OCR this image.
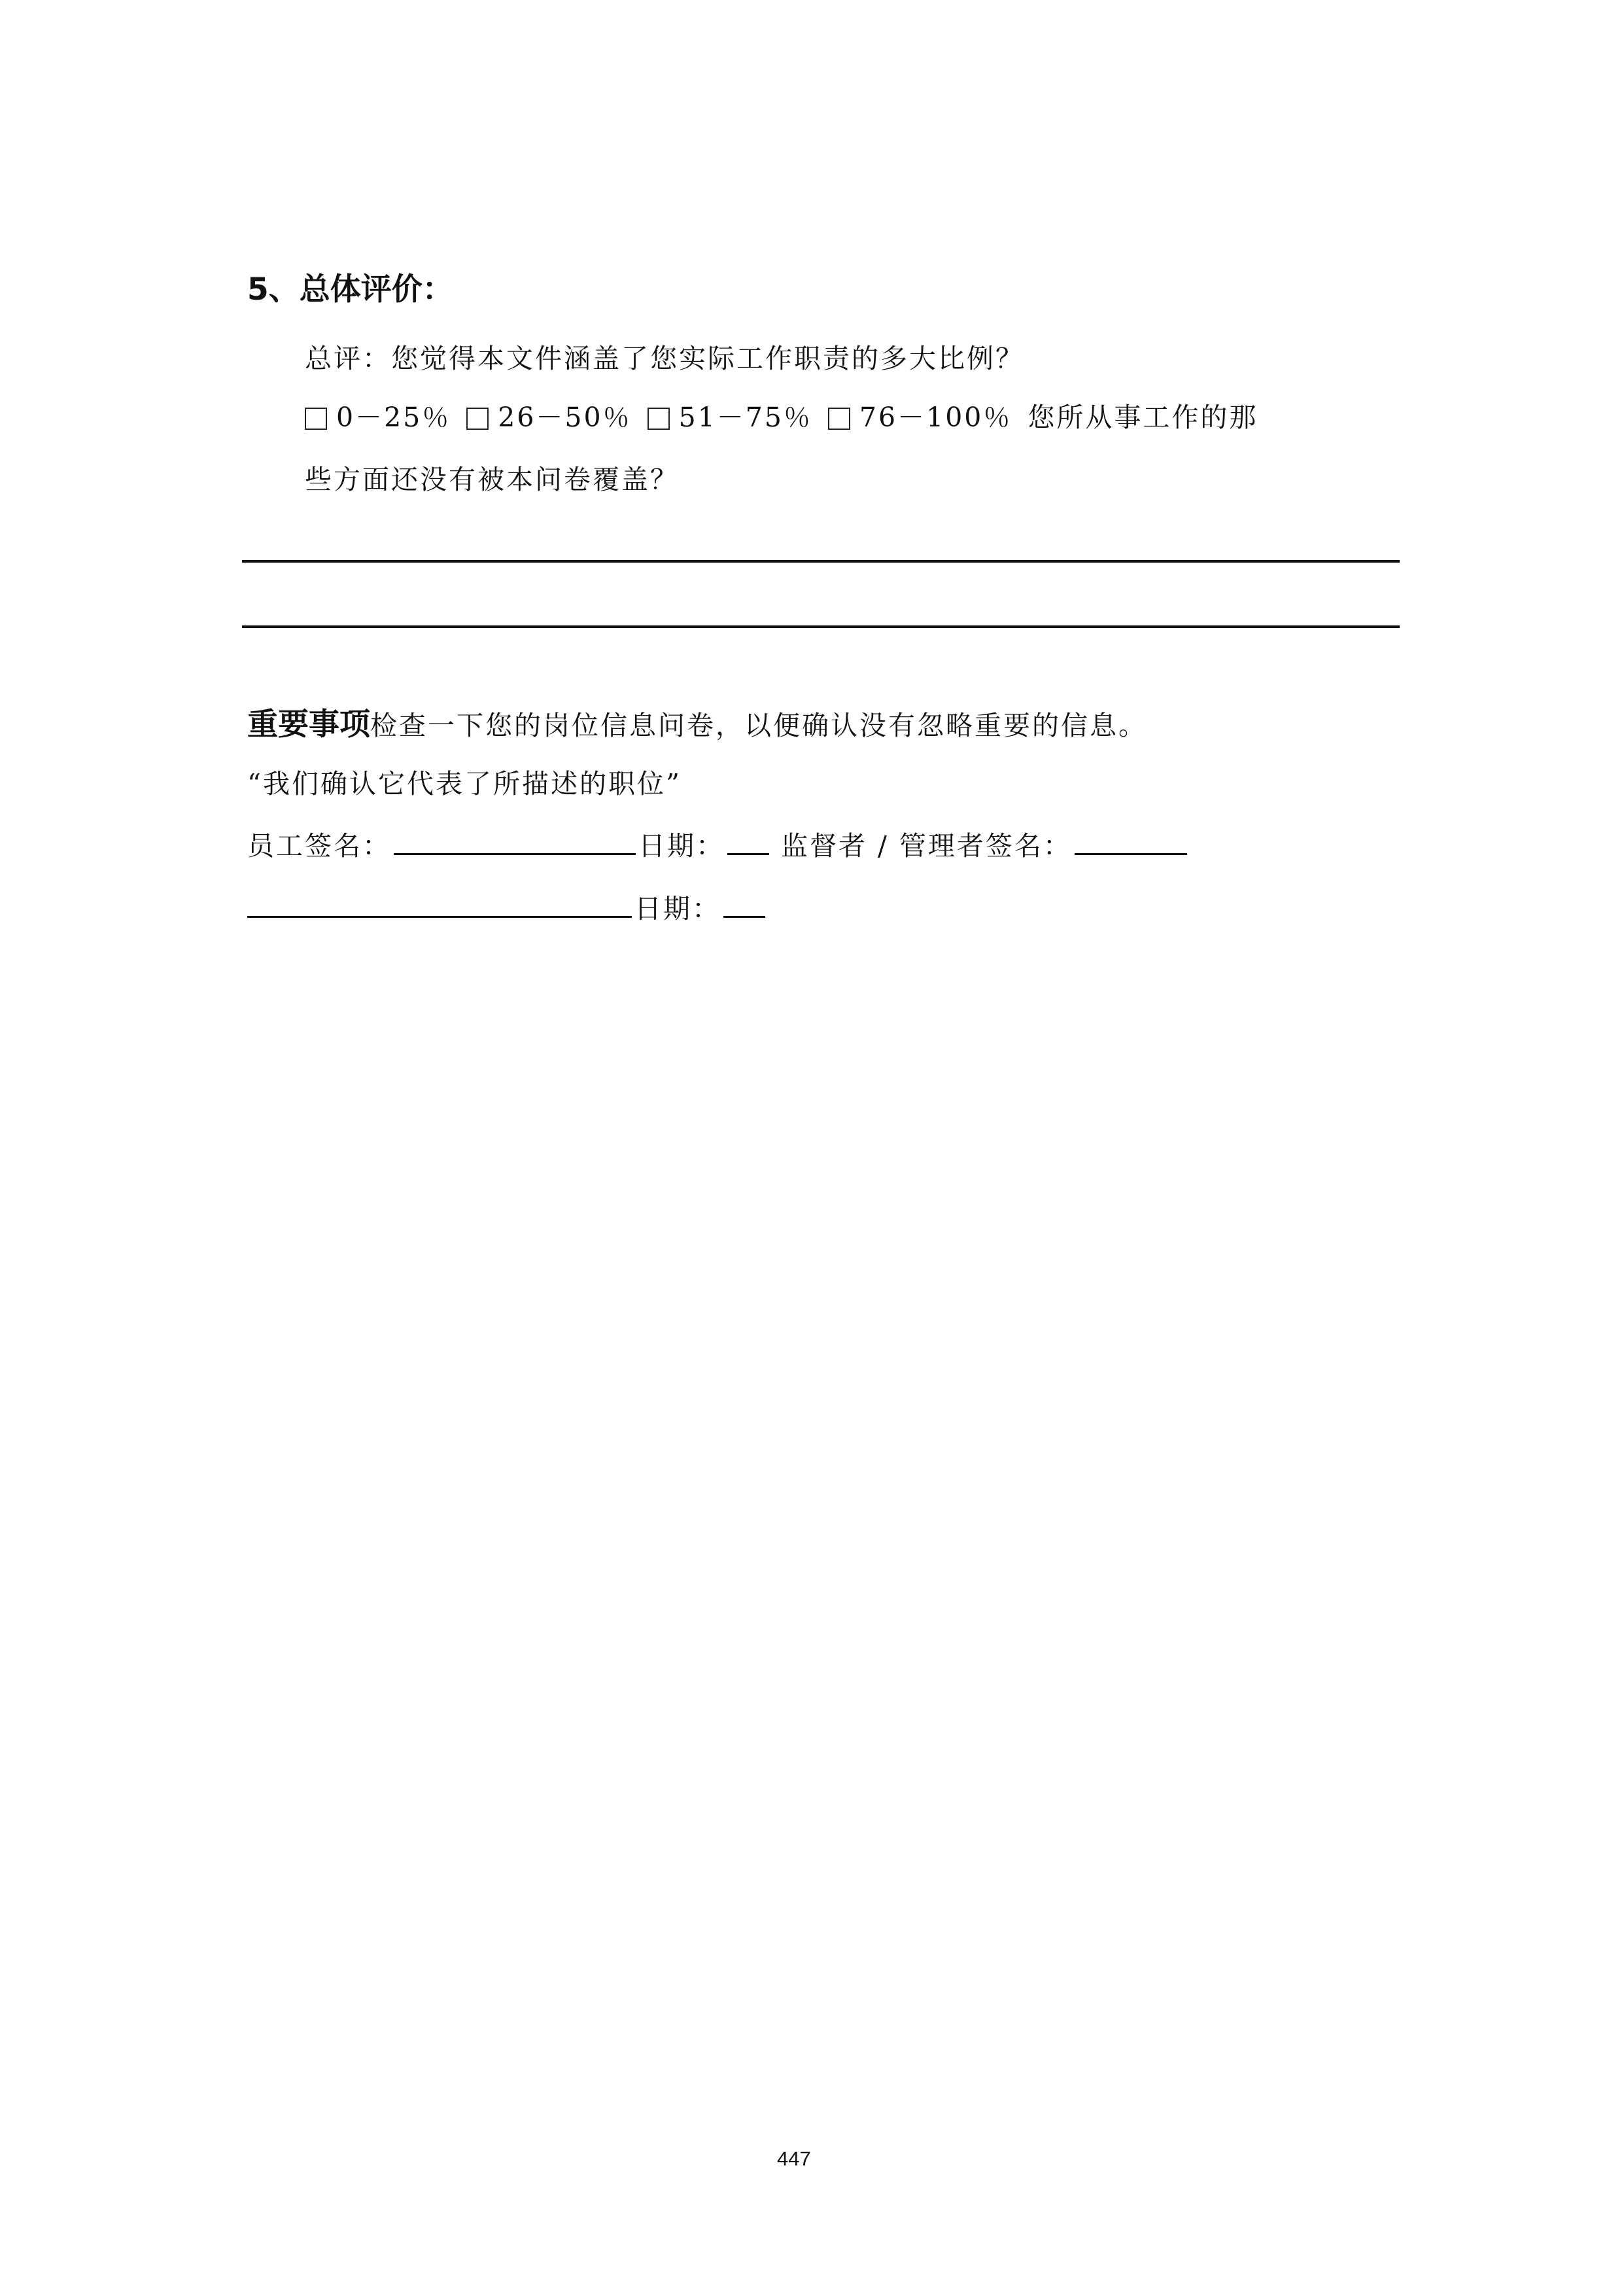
5、总体评价：
总评：您觉得本文件涵盖了您实际工作职责的多大比例？
0－25％	26－50％	51－75％	76－100％ 您所从事工作的那
些方面还没有被本问卷覆盖？
重要事项检查一下您的岗位信息问卷，以便确认没有忽略重要的信息。
“我们确认它代表了所描述的职位”
员工签名：	日期： 监督者 / 管理者签名：
日期：
447
